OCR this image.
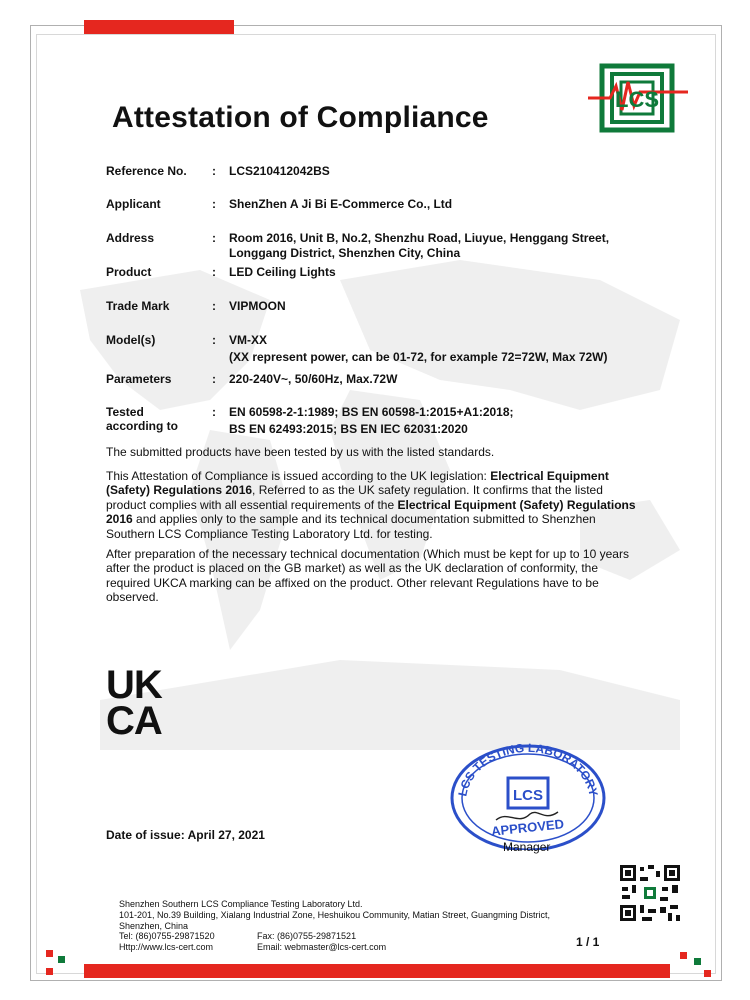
Attestation of Compliance
LCS
Reference No.	: LCS210412042BS
Applicant	: ShenZhen A Ji Bi E-Commerce Co., Ltd
Address	: Room 2016, Unit B, No.2, Shenzhu Road, Liuyue, Henggang Street, Longgang District, Shenzhen City, China
Product	: LED Ceiling Lights
Trade Mark	: VIPMOON
Model(s)	: VM-XX
(XX represent power, can be 01-72, for example 72=72W, Max 72W)
Parameters	: 220-240V~, 50/60Hz, Max.72W
Tested
according to
: EN 60598-2-1:1989; BS EN 60598-1:2015+A1:2018;
BS EN 62493:2015; BS EN IEC 62031:2020

The submitted products have been tested by us with the listed standards.

This Attestation of Compliance is issued according to the UK legislation: Electrical Equipment (Safety) Regulations 2016, Referred to as the UK safety regulation. It confirms that the listed product complies with all essential requirements of the Electrical Equipment (Safety) Regulations 2016 and applies only to the sample and its technical documentation submitted to Shenzhen Southern LCS Compliance Testing Laboratory Ltd. for testing.

After preparation of the necessary technical documentation (Which must be kept for up to 10 years after the product is placed on the GB market) as well as the UK declaration of conformity, the required UKCA marking can be affixed on the product. Other relevant Regulations have to be observed.

UK
CA
Date of issue: April 27, 2021
LCS TESTING LABORATORY
LCS
APPROVED
Manager
Shenzhen Southern LCS Compliance Testing Laboratory Ltd.
101-201, No.39 Building, Xialang Industrial Zone, Heshuikou Community, Matian Street, Guangming District,
Shenzhen, China
Tel: (86)0755-29871520	Fax: (86)0755-29871521
Http://www.lcs-cert.com	Email: webmaster@lcs-cert.com	1 / 1
